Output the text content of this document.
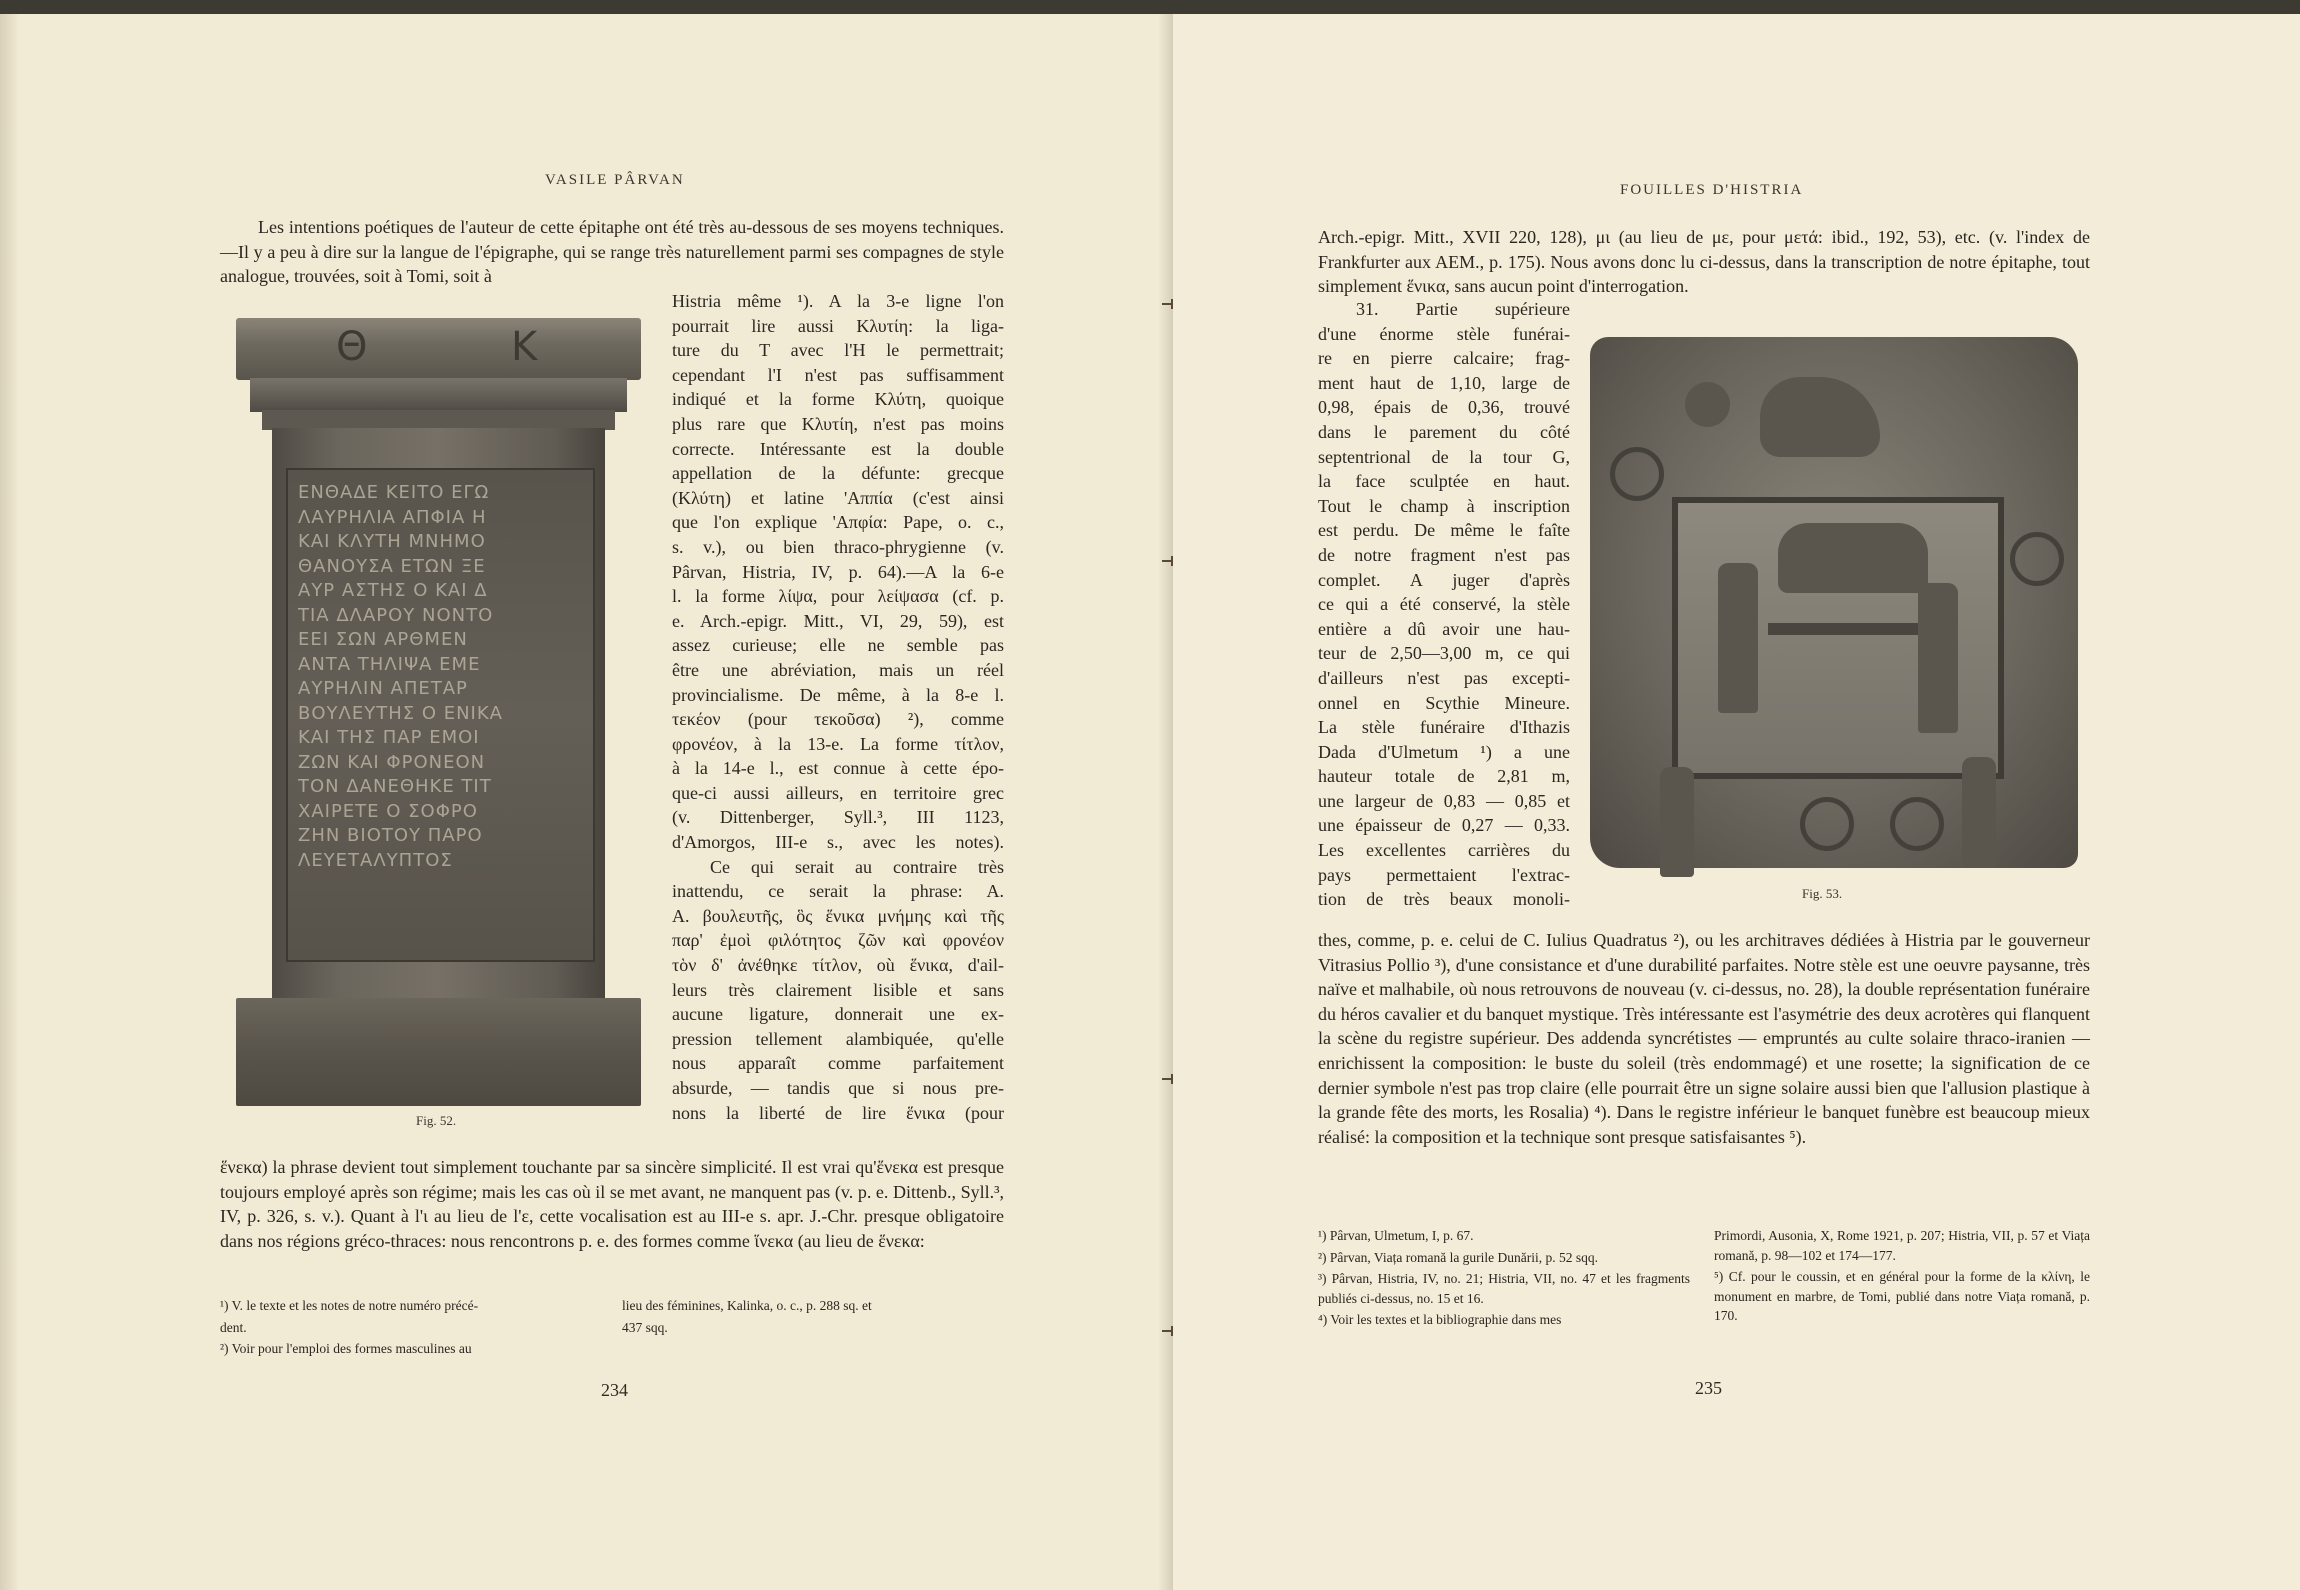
VASILE PÂRVAN

Les intentions poétiques de l'auteur de cette épitaphe ont été très au-dessous de ses moyens techniques.—Il y a peu à dire sur la langue de l'épigraphe, qui se range très naturellement parmi ses compagnes de style analogue, trouvées, soit à Tomi, soit à

Histria même ¹). A la 3-e ligne l'on

pourrait lire aussi Κλυτίη: la liga-

ture du T avec l'H le permettrait;

cependant l'I n'est pas suffisamment

indiqué et la forme Κλύτη, quoique

plus rare que Κλυτίη, n'est pas moins

correcte. Intéressante est la double

appellation de la défunte: grecque

(Κλύτη) et latine 'Αππία (c'est ainsi

que l'on explique 'Απφία: Pape, o. c.,

s. v.), ou bien thraco-phrygienne (v.

Pârvan, Histria, IV, p. 64).—A la 6-e

l. la forme λίψα, pour λείψασα (cf. p.

e. Arch.-epigr. Mitt., VI, 29, 59), est

assez curieuse; elle ne semble pas

être une abréviation, mais un réel

provincialisme. De même, à la 8-e l.

τεκέον (pour τεκοῦσα) ²), comme

φρονέον, à la 13-e. La forme τίτλον,

à la 14-e l., est connue à cette épo-

que-ci aussi ailleurs, en territoire grec

(v. Dittenberger, Syll.³, III 1123,

d'Amorgos, III-e s., avec les notes).

Ce qui serait au contraire très

inattendu, ce serait la phrase: A.

A. βουλευτῆς, ὃς ἕνικα μνήμης καὶ τῆς

παρ' ἐμοὶ φιλότητος ζῶν καὶ φρονέον

τὸν δ' ἀνέθηκε τίτλον, où ἕνικα, d'ail-

leurs très clairement lisible et sans

aucune ligature, donnerait une ex-

pression tellement alambiquée, qu'elle

nous apparaît comme parfaitement

absurde, — tandis que si nous pre-

nons la liberté de lire ἕνικα (pour

Θ	Κ
ΕΝΘΑΔΕ ΚΕΙΤΟ ΕΓΩ
ΛΑΥΡΗΛΙΑ ΑΠΦΙΑ Η
ΚΑΙ ΚΛΥΤΗ ΜΝΗΜΟ
ΘΑΝΟΥΣΑ ΕΤΩΝ ΞΕ
ΑΥΡ ΑΣΤΗΣ Ο ΚΑΙ Δ
ΤΙΑ ΔΛΑΡΟΥ ΝΟΝΤΟ
ΕΕΙ ΣΩΝ ΑΡΘΜΕΝ
ΑΝΤΑ ΤΗΛΙΨΑ ΕΜΕ
ΑΥΡΗΛΙΝ ΑΠΕΤΑΡ
ΒΟΥΛΕΥΤΗΣ Ο ΕΝΙΚΑ
ΚΑΙ ΤΗΣ ΠΑΡ ΕΜΟΙ
ΖΩΝ ΚΑΙ ΦΡΟΝΕΟΝ
ΤΟΝ ΔΑΝΕΘΗΚΕ ΤΙΤ
ΧΑΙΡΕΤΕ Ο ΣΟΦΡΟ
ΖΗΝ ΒΙΟΤΟΥ ΠΑΡΟ
ΛΕΥΕΤΑΛΥΠΤΟΣ
Fig. 52.

ἕνεκα) la phrase devient tout simplement touchante par sa sincère simplicité. Il est vrai qu'ἕνεκα est presque toujours employé après son régime; mais les cas où il se met avant, ne manquent pas (v. p. e. Dittenb., Syll.³, IV, p. 326, s. v.). Quant à l'ι au lieu de l'ε, cette vocalisation est au III-e s. apr. J.-Chr. presque obligatoire dans nos régions gréco-thraces: nous rencontrons p. e. des formes comme ἵνεκα (au lieu de ἕνεκα:

¹) V. le texte et les notes de notre numéro précé-

dent.

²) Voir pour l'emploi des formes masculines au

lieu des féminines, Kalinka, o. c., p. 288 sq. et

437 sqq.

234
FOUILLES D'HISTRIA

Arch.-epigr. Mitt., XVII 220, 128), μι (au lieu de με, pour μετά: ibid., 192, 53), etc. (v. l'index de Frankfurter aux AEM., p. 175). Nous avons donc lu ci-dessus, dans la transcription de notre épitaphe, tout simplement ἕνικα, sans aucun point d'interrogation.

31. Partie supérieure

d'une énorme stèle funérai-

re en pierre calcaire; frag-

ment haut de 1,10, large de

0,98, épais de 0,36, trouvé

dans le parement du côté

septentrional de la tour G,

la face sculptée en haut.

Tout le champ à inscription

est perdu. De même le faîte

de notre fragment n'est pas

complet. A juger d'après

ce qui a été conservé, la stèle

entière a dû avoir une hau-

teur de 2,50—3,00 m, ce qui

d'ailleurs n'est pas excepti-

onnel en Scythie Mineure.

La stèle funéraire d'Ithazis

Dada d'Ulmetum ¹) a une

hauteur totale de 2,81 m,

une largeur de 0,83 — 0,85 et

une épaisseur de 0,27 — 0,33.

Les excellentes carrières du

pays permettaient l'extrac-

tion de très beaux monoli-	Fig. 53.

thes, comme, p. e. celui de C. Iulius Quadratus ²), ou les architraves dédiées à Histria par le gouverneur Vitrasius Pollio ³), d'une consistance et d'une durabilité parfaites. Notre stèle est une oeuvre paysanne, très naïve et malhabile, où nous retrouvons de nouveau (v. ci-dessus, no. 28), la double représentation funéraire du héros cavalier et du banquet mystique. Très intéressante est l'asymétrie des deux acrotères qui flanquent la scène du registre supérieur. Des addenda syncrétistes — empruntés au culte solaire thraco-iranien — enrichissent la composition: le buste du soleil (très endommagé) et une rosette; la signification de ce dernier symbole n'est pas trop claire (elle pourrait être un signe solaire aussi bien que l'allusion plastique à la grande fête des morts, les Rosalia) ⁴). Dans le registre inférieur le banquet funèbre est beaucoup mieux réalisé: la composition et la technique sont presque satisfaisantes ⁵).

¹) Pârvan, Ulmetum, I, p. 67.

²) Pârvan, Viața romană la gurile Dunării, p. 52 sqq.

³) Pârvan, Histria, IV, no. 21; Histria, VII, no. 47 et les fragments publiés ci-dessus, no. 15 et 16.

⁴) Voir les textes et la bibliographie dans mes

Primordi, Ausonia, X, Rome 1921, p. 207; Histria, VII, p. 57 et Viața romană, p. 98—102 et 174—177.

⁵) Cf. pour le coussin, et en général pour la forme de la κλίνη, le monument en marbre, de Tomi, publié dans notre Viața romană, p. 170.

235
